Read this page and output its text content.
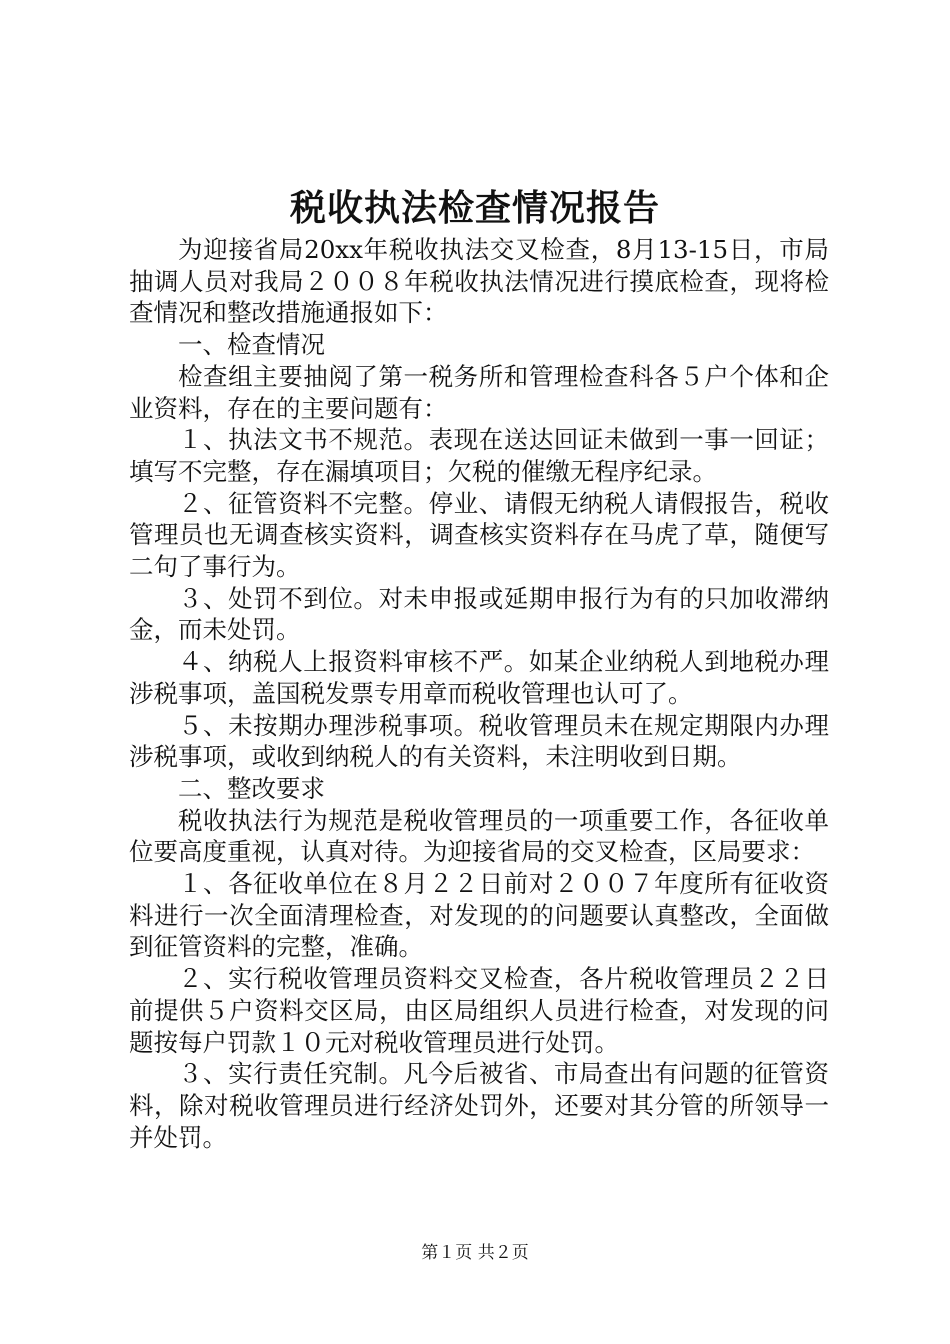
税收执法检查情况报告

为迎接省局20xx年税收执法交叉检查，8月13-15日，市局抽调人员对我局２００８年税收执法情况进行摸底检查，现将检查情况和整改措施通报如下：

一、检查情况

检查组主要抽阅了第一税务所和管理检查科各５户个体和企业资料，存在的主要问题有：

１、执法文书不规范。表现在送达回证未做到一事一回证；填写不完整，存在漏填项目；欠税的催缴无程序纪录。

２、征管资料不完整。停业、请假无纳税人请假报告，税收管理员也无调查核实资料，调查核实资料存在马虎了草，随便写二句了事行为。

３、处罚不到位。对未申报或延期申报行为有的只加收滞纳金，而未处罚。

４、纳税人上报资料审核不严。如某企业纳税人到地税办理涉税事项，盖国税发票专用章而税收管理也认可了。

５、未按期办理涉税事项。税收管理员未在规定期限内办理涉税事项，或收到纳税人的有关资料，未注明收到日期。

二、整改要求

税收执法行为规范是税收管理员的一项重要工作，各征收单位要高度重视，认真对待。为迎接省局的交叉检查，区局要求：

１、各征收单位在８月２２日前对２００７年度所有征收资料进行一次全面清理检查，对发现的的问题要认真整改，全面做到征管资料的完整，准确。

２、实行税收管理员资料交叉检查，各片税收管理员２２日前提供５户资料交区局，由区局组织人员进行检查，对发现的问题按每户罚款１０元对税收管理员进行处罚。

３、实行责任究制。凡今后被省、市局查出有问题的征管资料，除对税收管理员进行经济处罚外，还要对其分管的所领导一并处罚。

第１页 共２页
